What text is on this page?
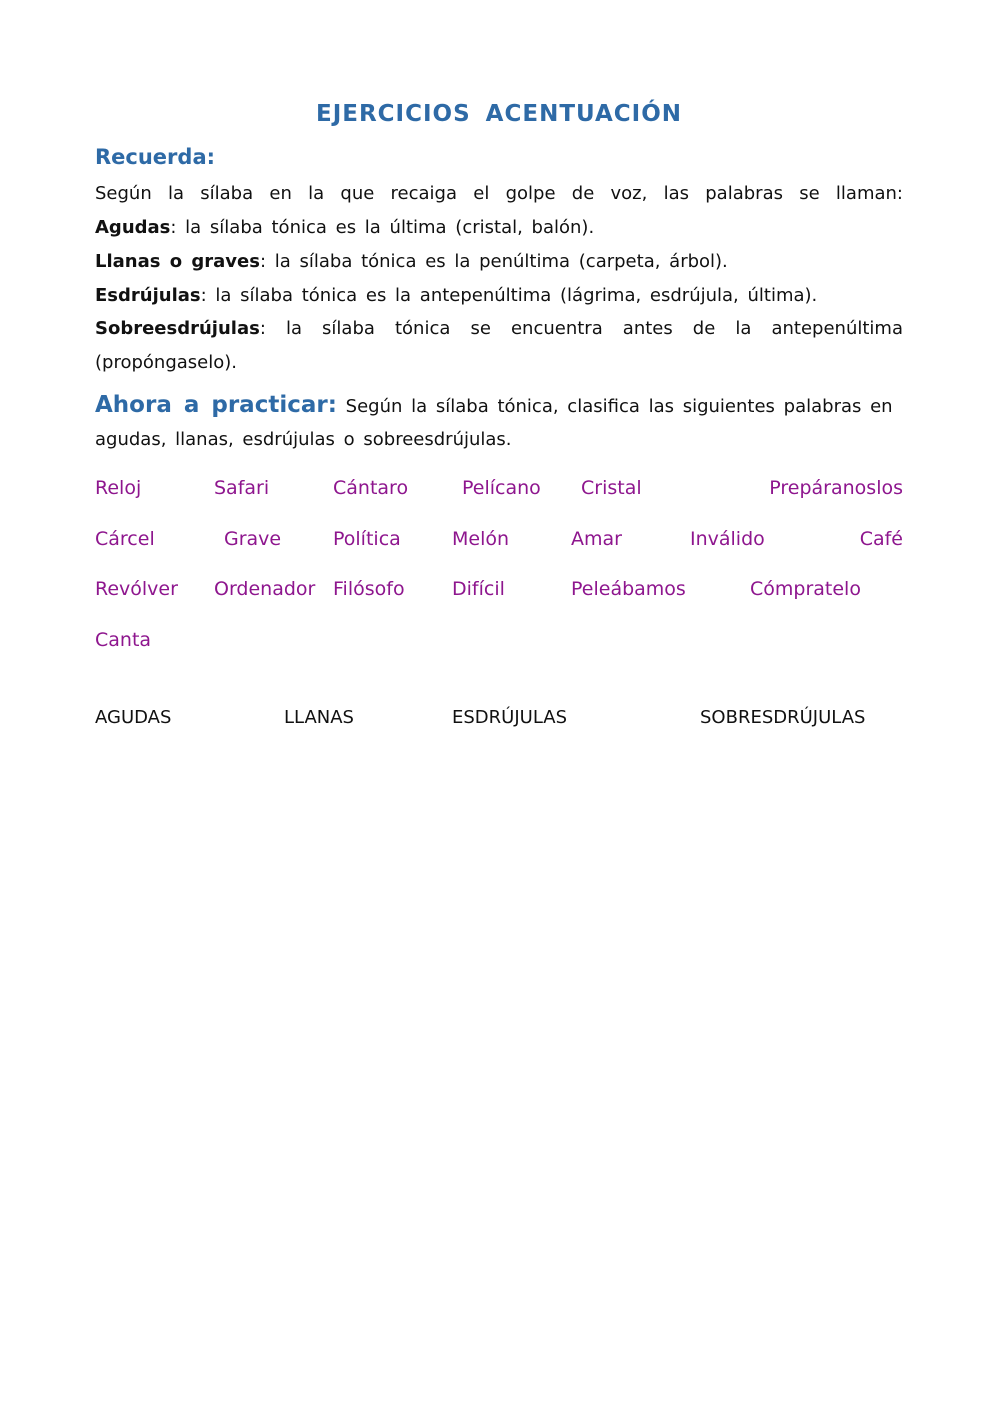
EJERCICIOS ACENTUACIÓN
Recuerda:
Según la sílaba en la que recaiga el golpe de voz, las palabras se llaman:
Agudas: la sílaba tónica es la última (cristal, balón).
Llanas o graves: la sílaba tónica es la penúltima (carpeta, árbol).
Esdrújulas: la sílaba tónica es la antepenúltima (lágrima, esdrújula, última).
Sobreesdrújulas: la sílaba tónica se encuentra antes de la antepenúltima
(propóngaselo).
Ahora a practicar: Según la sílaba tónica, clasifica las siguientes palabras en
agudas, llanas, esdrújulas o sobreesdrújulas.
Reloj	Safari	Cántaro	Pelícano Cristal	Prepáranoslos
Cárcel	Grave	Política	Melón	Amar	Inválido	Café
Revólver Ordenador Filósofo Difícil	Peleábamos	Cómpratelo
Canta
AGUDAS	LLANAS	ESDRÚJULAS	SOBRESDRÚJULAS
